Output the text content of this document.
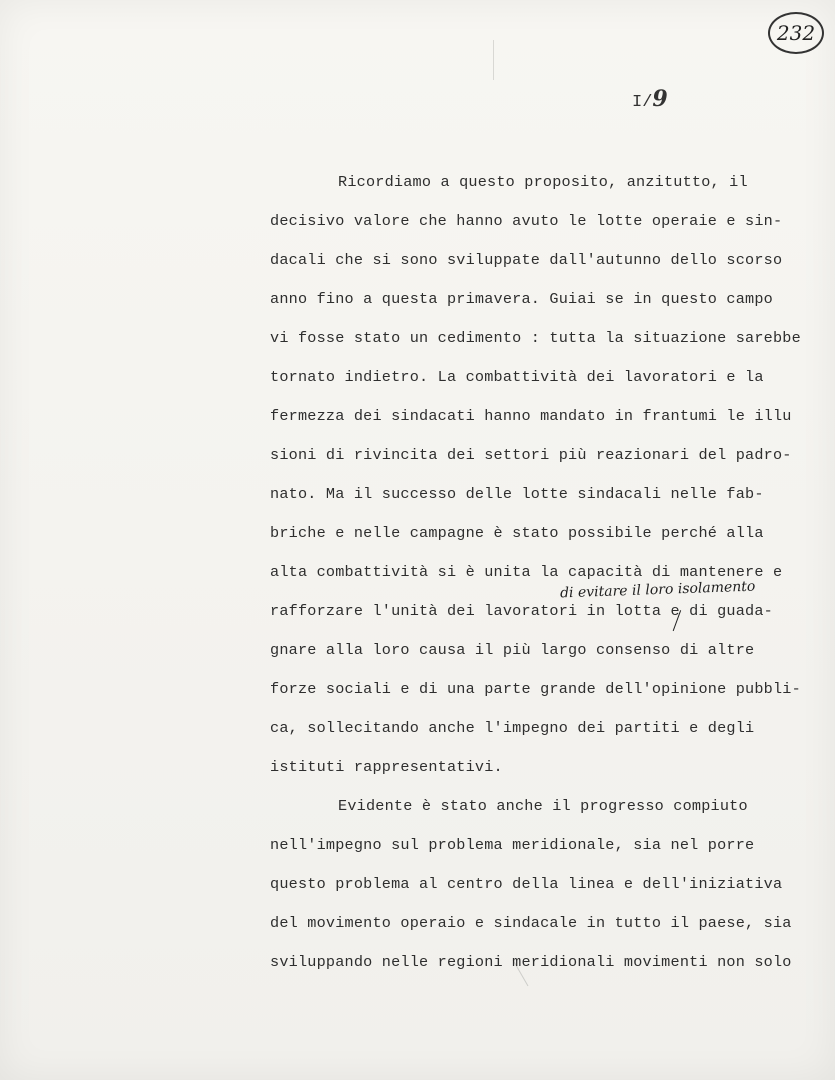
232
I/9
Ricordiamo a questo proposito, anzitutto, il
decisivo valore che hanno avuto le lotte operaie e sin-
dacali che si sono sviluppate dall'autunno dello scorso
anno fino a questa primavera. Guiai se in questo campo
vi fosse stato un cedimento : tutta la situazione sarebbe
tornato indietro. La combattività dei lavoratori e la
fermezza dei sindacati hanno mandato in frantumi le illu
sioni di rivincita dei settori più reazionari del padro-
nato. Ma il successo delle lotte sindacali nelle fab-
briche e nelle campagne è stato possibile perché alla
alta combattività si è unita la capacità di mantenere e
di evitare il loro isolamento
rafforzare l'unità dei lavoratori in lotta e di guada-
gnare alla loro causa il più largo consenso di altre
forze sociali e di una parte grande dell'opinione pubbli-
ca, sollecitando anche l'impegno dei partiti e degli
istituti rappresentativi.
Evidente è stato anche il progresso compiuto
nell'impegno sul problema meridionale, sia nel porre
questo problema al centro della linea e dell'iniziativa
del movimento operaio e sindacale in tutto il paese, sia
sviluppando nelle regioni meridionali movimenti non solo
